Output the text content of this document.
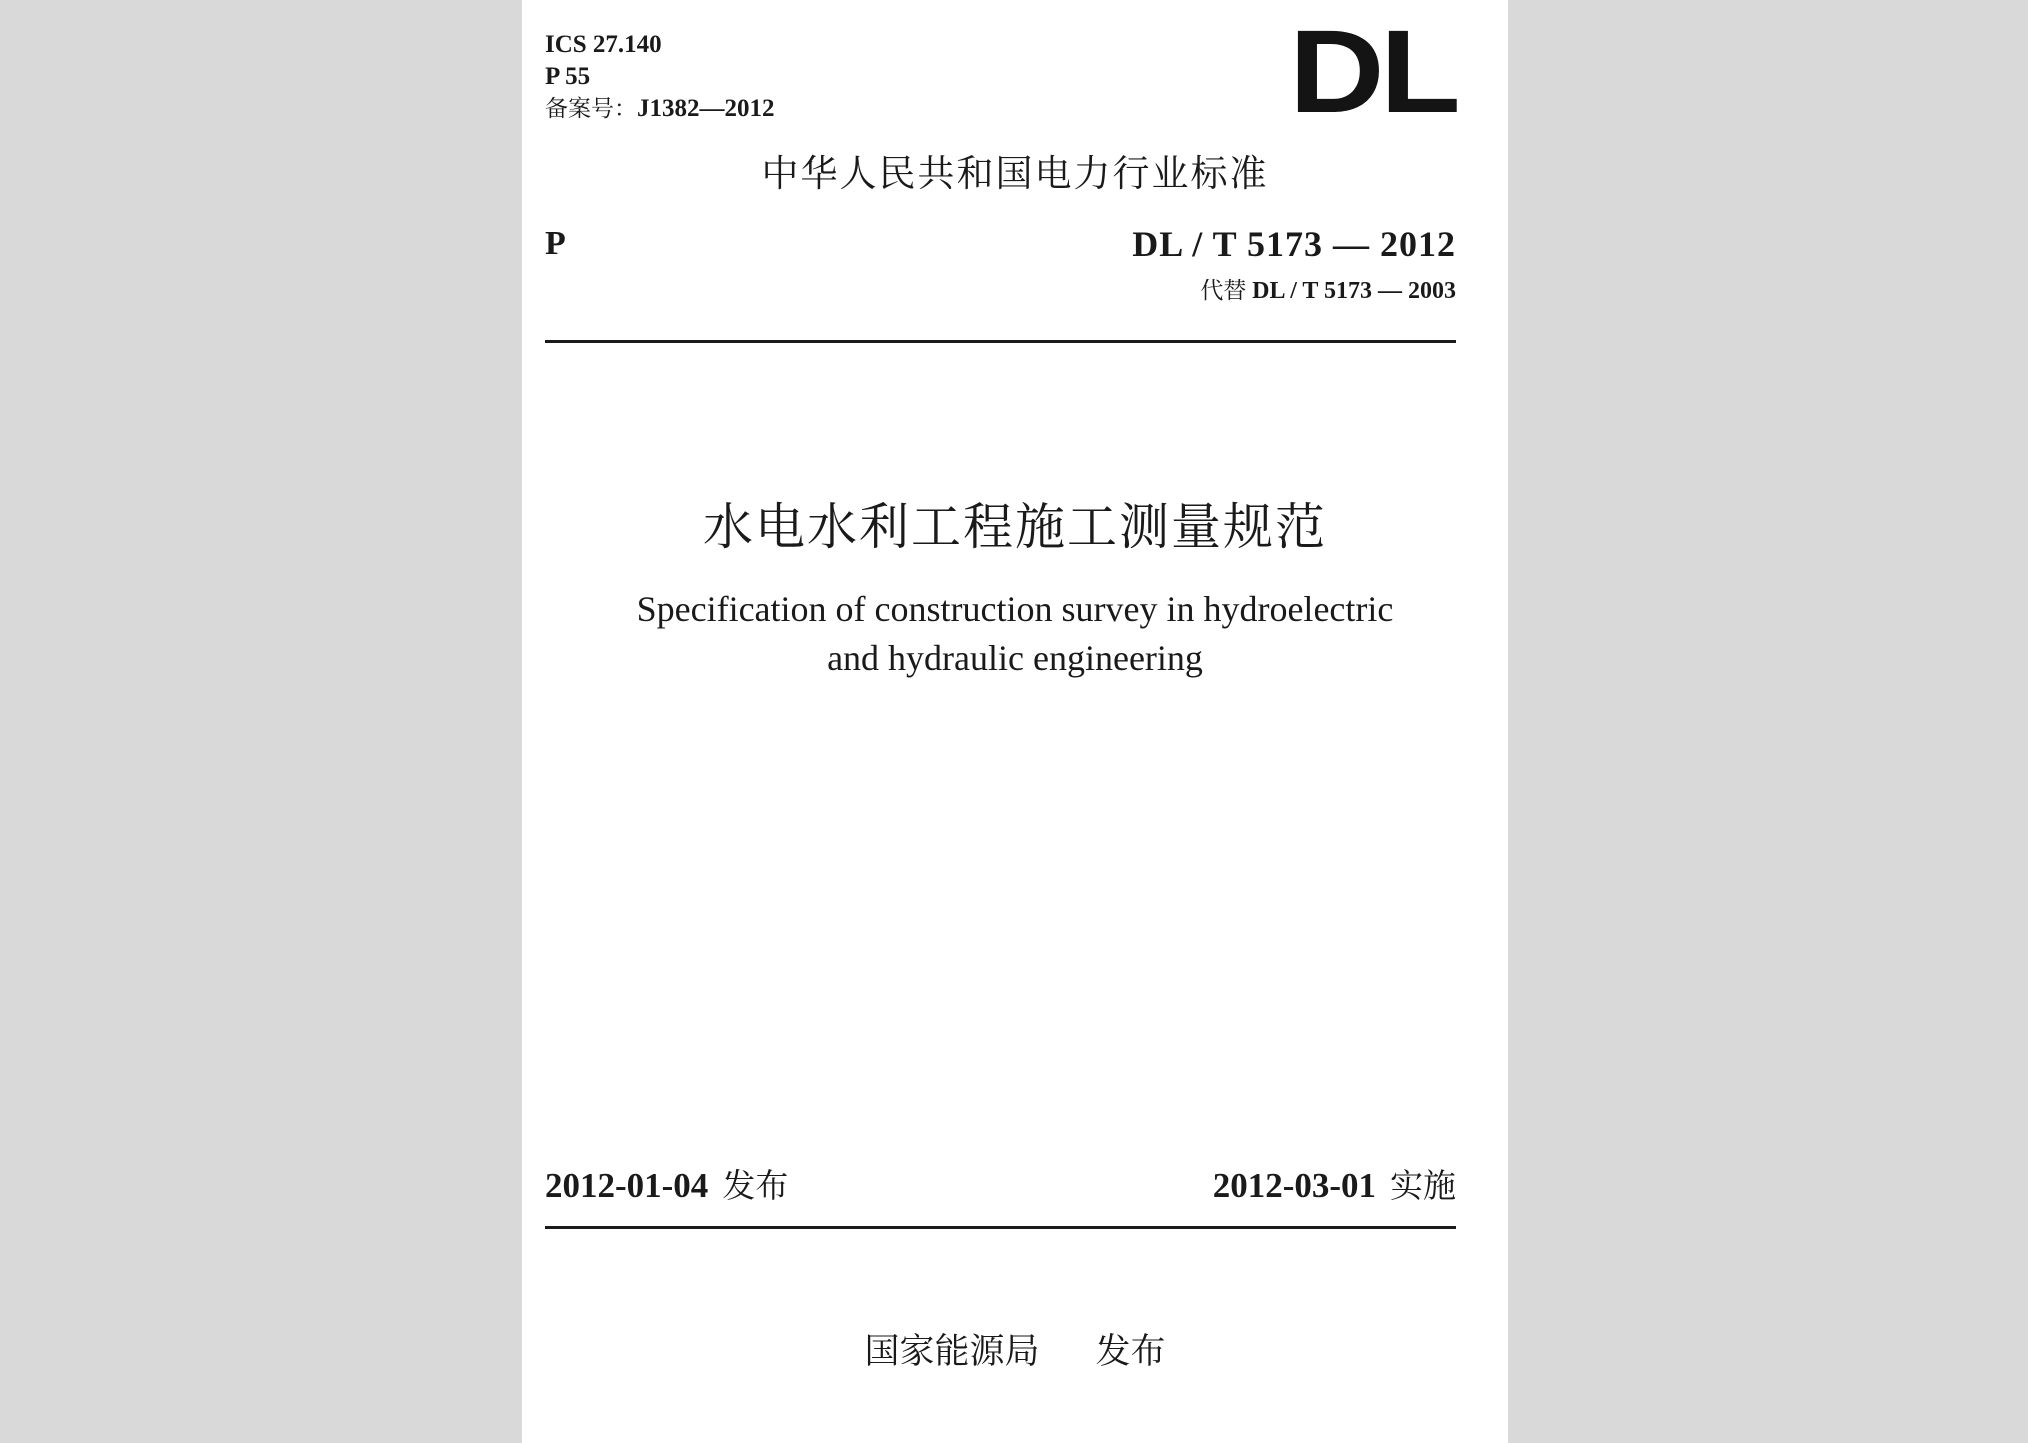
ICS 27.140
P 55
备案号：J1382—2012	DL
中华人民共和国电力行业标准
P	DL / T 5173 — 2012
代替 DL / T 5173 — 2003
水电水利工程施工测量规范
Specification of construction survey in hydroelectric
and hydraulic engineering
2012-01-04 发布	2012-03-01 实施
国家能源局 发布
